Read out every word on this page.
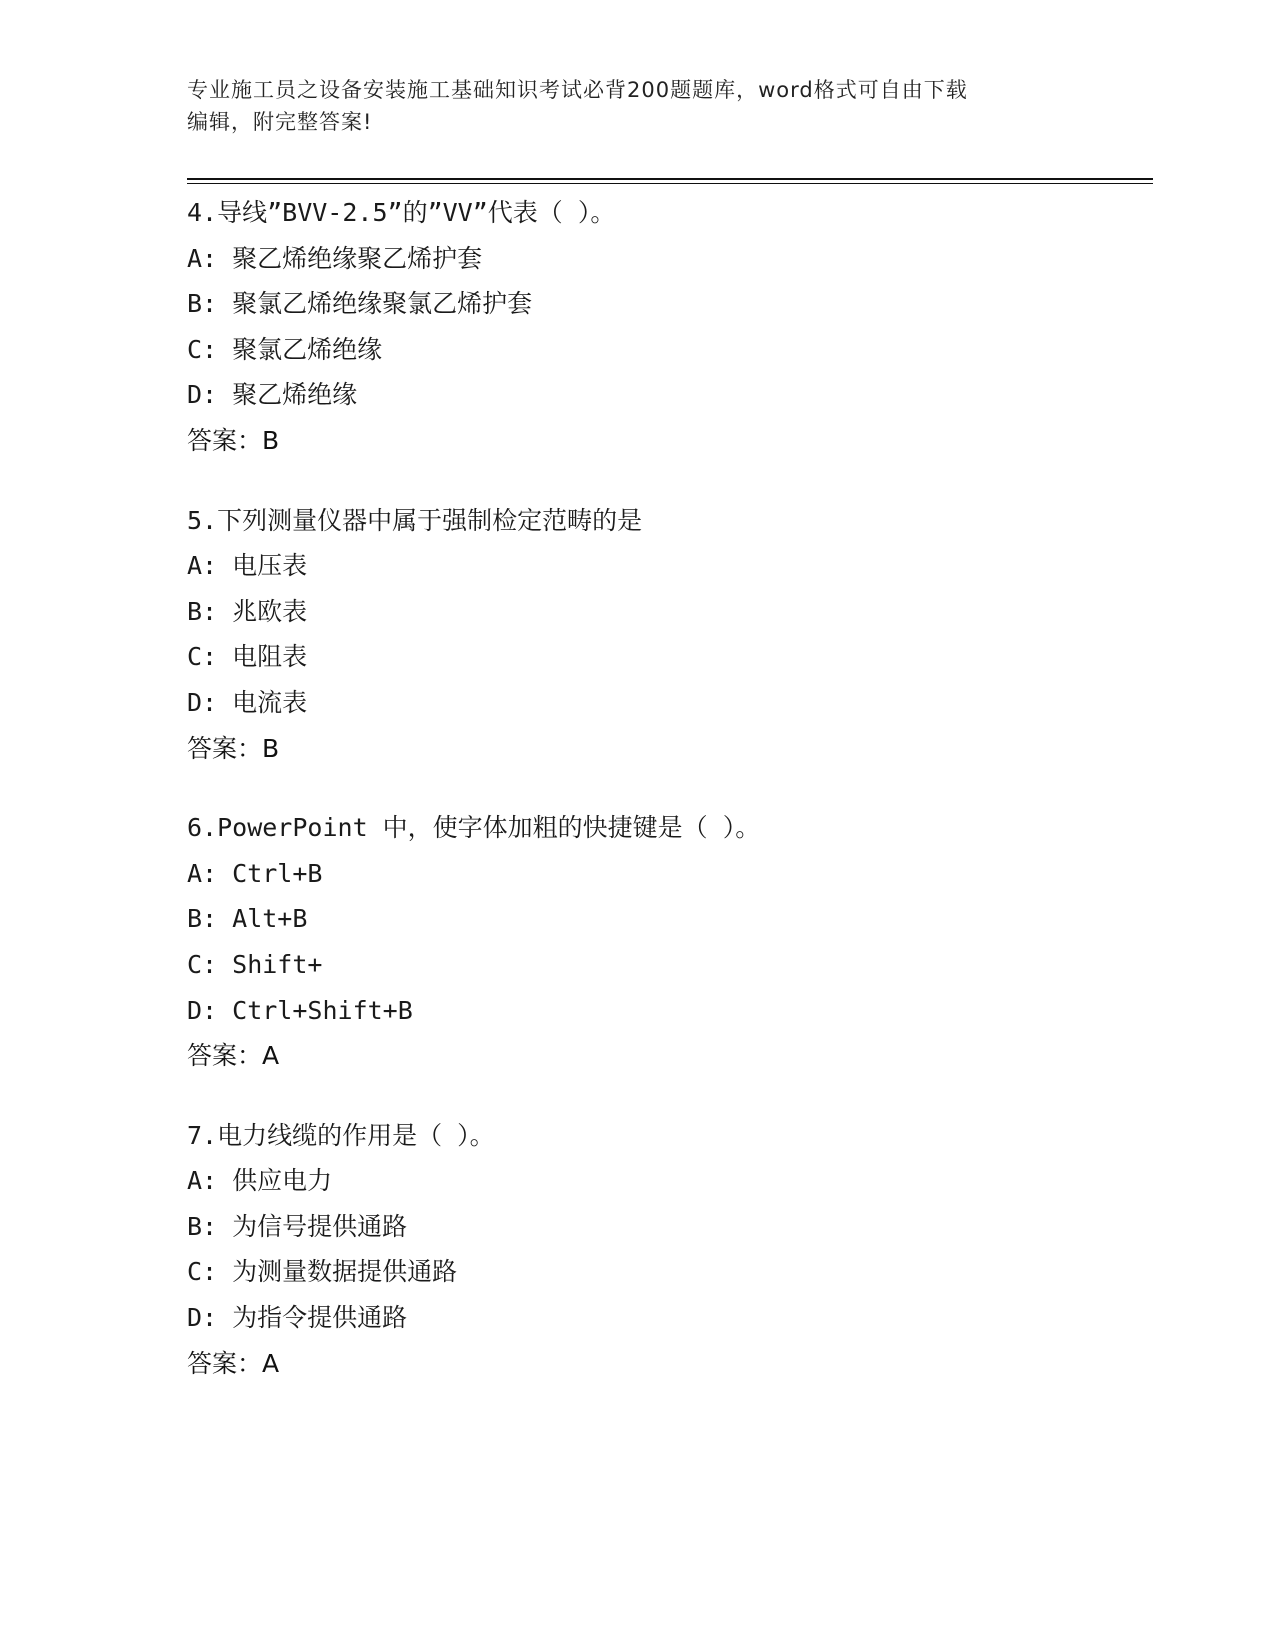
专业施工员之设备安装施工基础知识考试必背200题题库，word格式可自由下载
编辑，附完整答案!
4.导线”BVV-2.5”的”VV”代表（ ）。
A: 聚乙烯绝缘聚乙烯护套
B: 聚氯乙烯绝缘聚氯乙烯护套
C: 聚氯乙烯绝缘
D: 聚乙烯绝缘
答案：B
5.下列测量仪器中属于强制检定范畴的是
A: 电压表
B: 兆欧表
C: 电阻表
D: 电流表
答案：B
6.PowerPoint 中，使字体加粗的快捷键是（ ）。
A: Ctrl+B
B: Alt+B
C: Shift+
D: Ctrl+Shift+B
答案：A
7.电力线缆的作用是（ ）。
A: 供应电力
B: 为信号提供通路
C: 为测量数据提供通路
D: 为指令提供通路
答案：A
